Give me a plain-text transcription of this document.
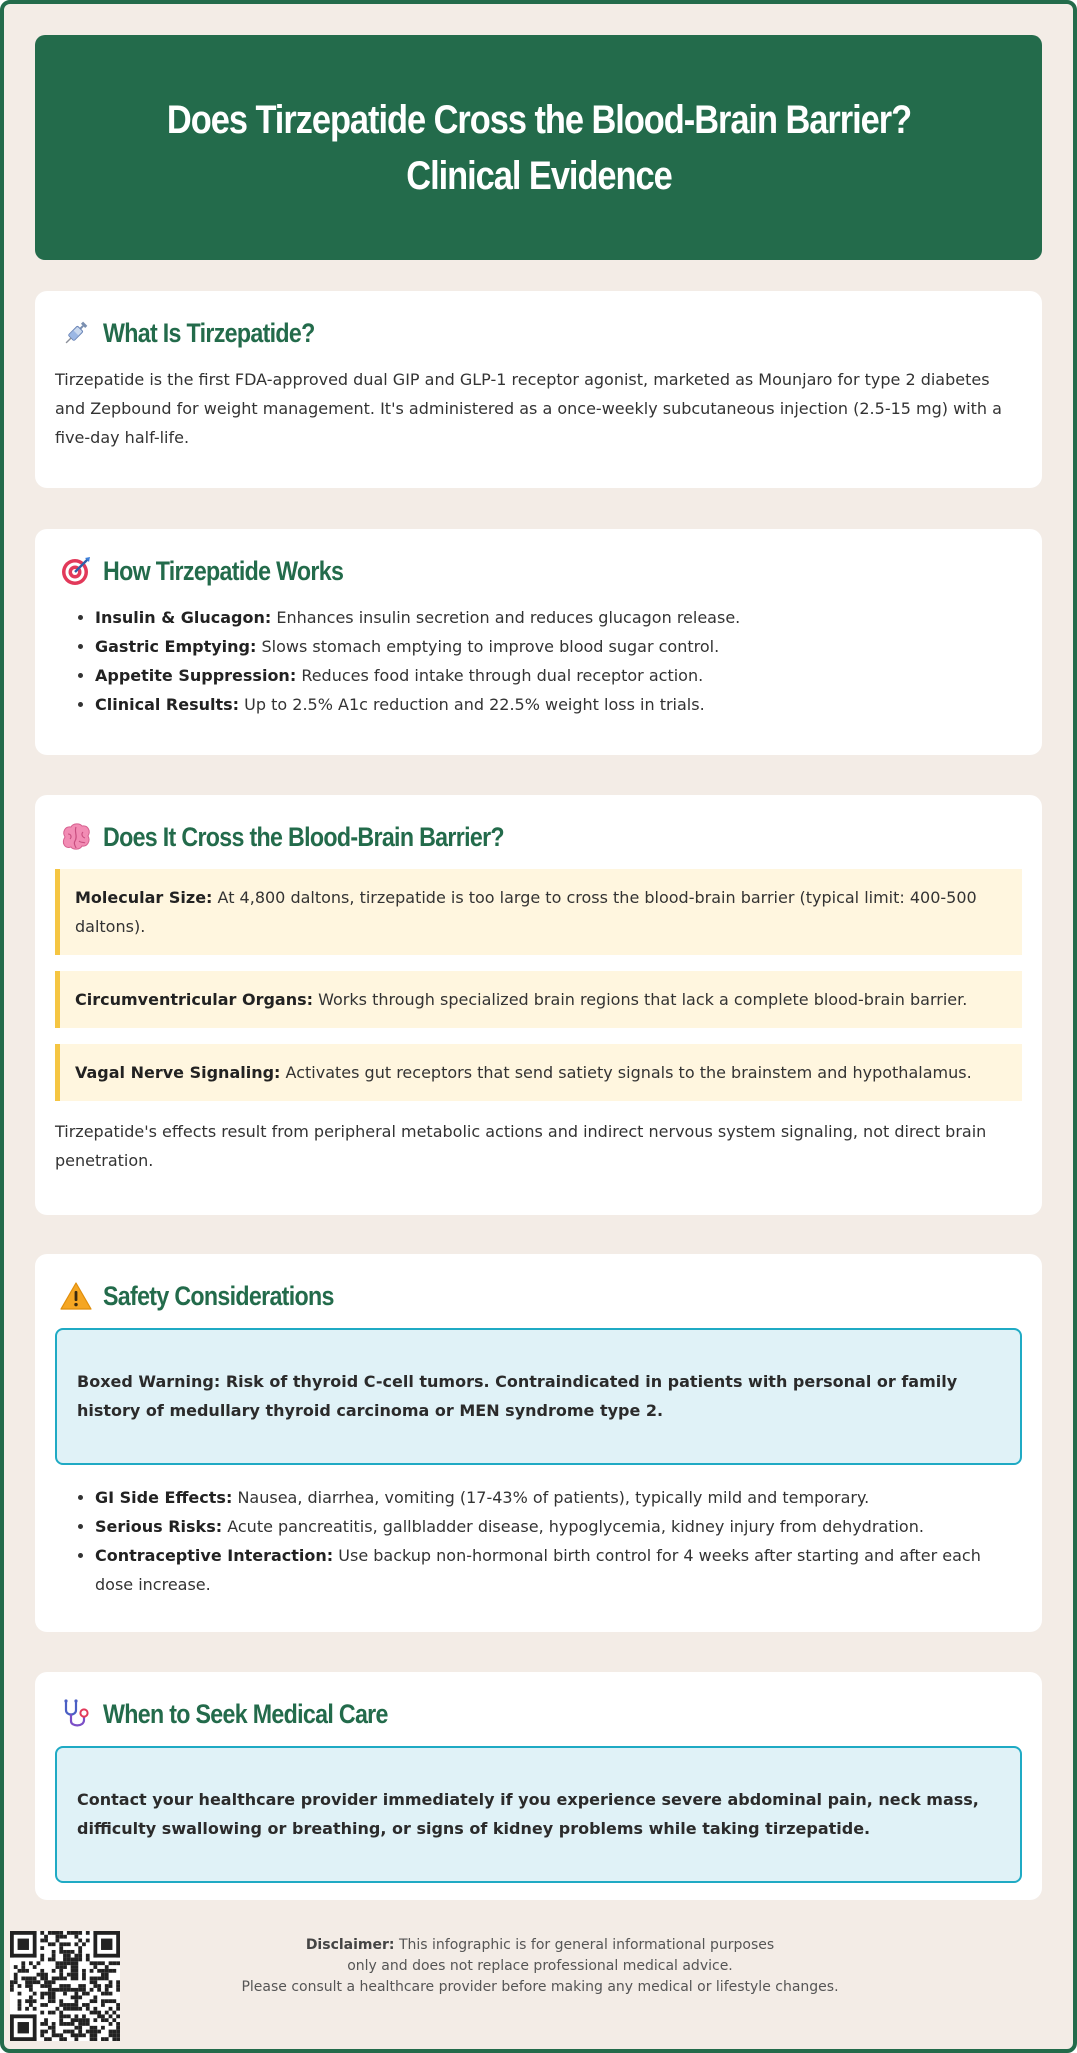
Does Tirzepatide Cross the Blood-Brain Barrier? Clinical Evidence
What Is Tirzepatide?

Tirzepatide is the first FDA-approved dual GIP and GLP-1 receptor agonist, marketed as Mounjaro for type 2 diabetes and Zepbound for weight management. It's administered as a once-weekly subcutaneous injection (2.5-15 mg) with a five-day half-life.

How Tirzepatide Works
• Insulin & Glucagon: Enhances insulin secretion and reduces glucagon release.
• Gastric Emptying: Slows stomach emptying to improve blood sugar control.
• Appetite Suppression: Reduces food intake through dual receptor action.
• Clinical Results: Up to 2.5% A1c reduction and 22.5% weight loss in trials.
Does It Cross the Blood-Brain Barrier?
Molecular Size: At 4,800 daltons, tirzepatide is too large to cross the blood-brain barrier (typical limit: 400-500 daltons).
Circumventricular Organs: Works through specialized brain regions that lack a complete blood-brain barrier.
Vagal Nerve Signaling: Activates gut receptors that send satiety signals to the brainstem and hypothalamus.

Tirzepatide's effects result from peripheral metabolic actions and indirect nervous system signaling, not direct brain penetration.

Safety Considerations
Boxed Warning: Risk of thyroid C-cell tumors. Contraindicated in patients with personal or family history of medullary thyroid carcinoma or MEN syndrome type 2.
• GI Side Effects: Nausea, diarrhea, vomiting (17-43% of patients), typically mild and temporary.
• Serious Risks: Acute pancreatitis, gallbladder disease, hypoglycemia, kidney injury from dehydration.
• Contraceptive Interaction: Use backup non-hormonal birth control for 4 weeks after starting and after each dose increase.
When to Seek Medical Care
Contact your healthcare provider immediately if you experience severe abdominal pain, neck mass, difficulty swallowing or breathing, or signs of kidney problems while taking tirzepatide.
Disclaimer: This infographic is for general informational purposes
only and does not replace professional medical advice.
Please consult a healthcare provider before making any medical or lifestyle changes.
